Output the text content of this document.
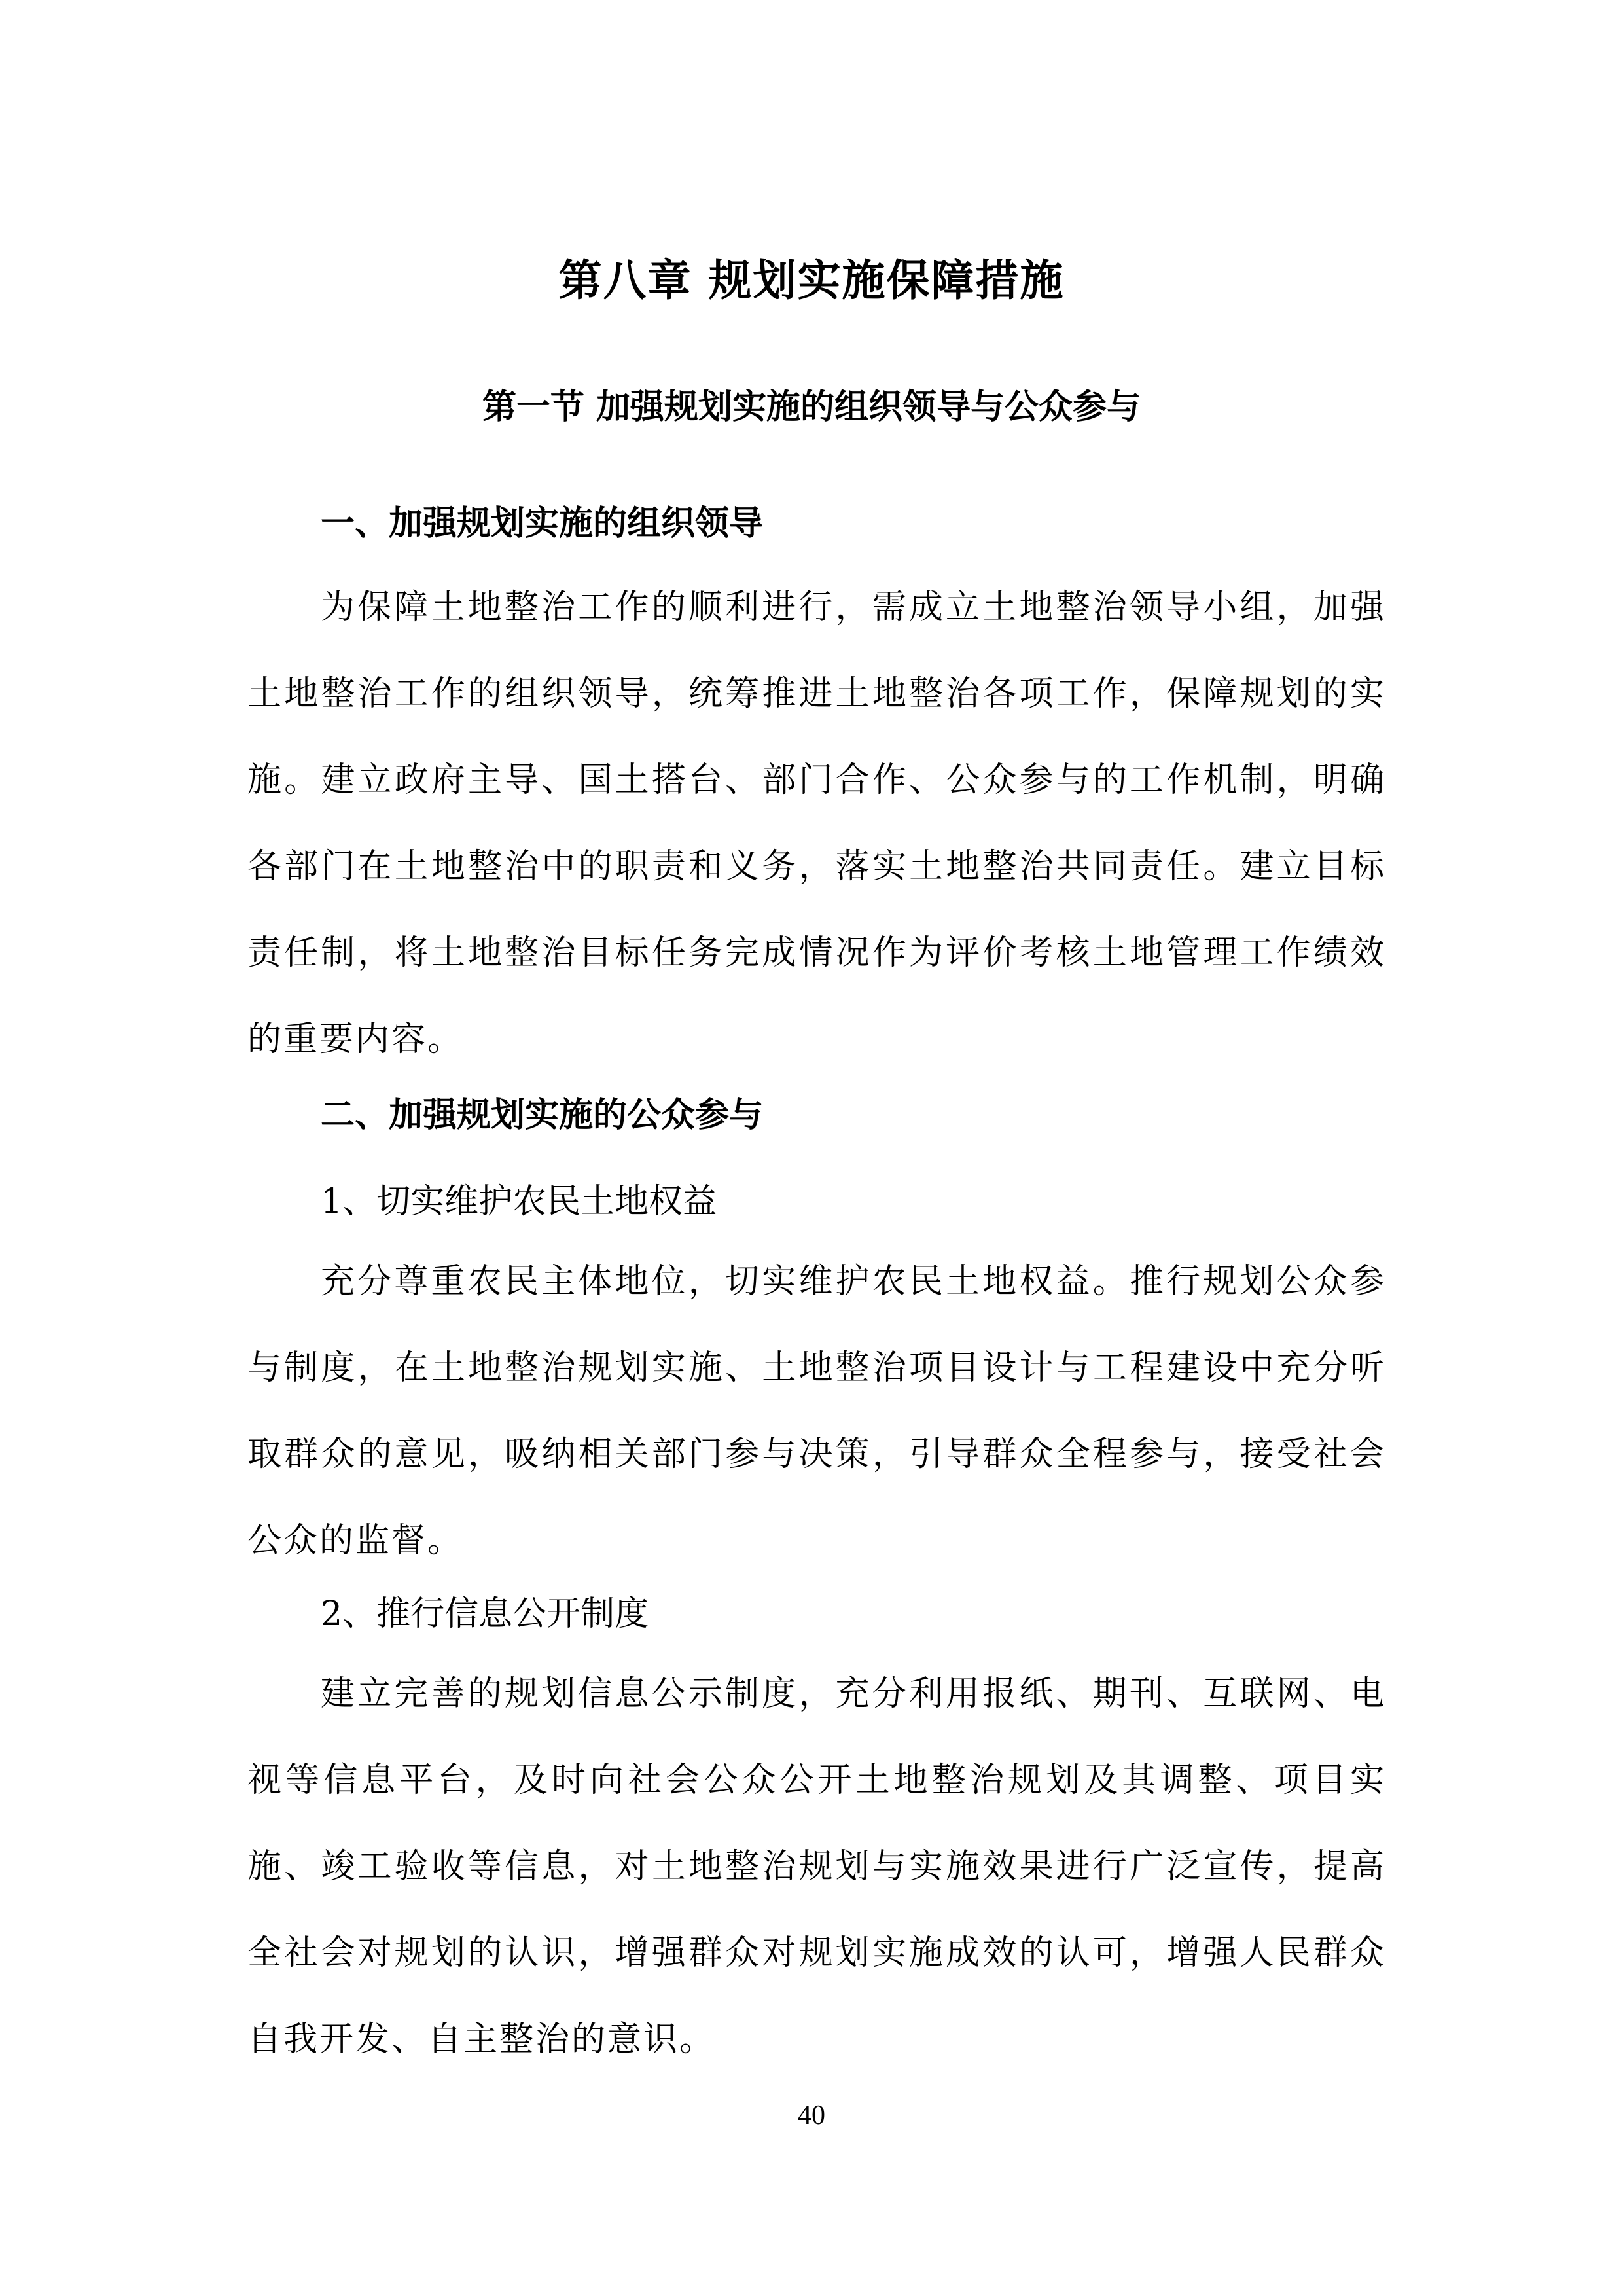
第八章 规划实施保障措施
第一节 加强规划实施的组织领导与公众参与
一、加强规划实施的组织领导

为保障土地整治工作的顺利进行，需成立土地整治领导小组，加强土地整治工作的组织领导，统筹推进土地整治各项工作，保障规划的实施。建立政府主导、国土搭台、部门合作、公众参与的工作机制，明确各部门在土地整治中的职责和义务，落实土地整治共同责任。建立目标责任制，将土地整治目标任务完成情况作为评价考核土地管理工作绩效的重要内容。

二、加强规划实施的公众参与
1、切实维护农民土地权益

充分尊重农民主体地位，切实维护农民土地权益。推行规划公众参与制度，在土地整治规划实施、土地整治项目设计与工程建设中充分听取群众的意见，吸纳相关部门参与决策，引导群众全程参与，接受社会公众的监督。

2、推行信息公开制度

建立完善的规划信息公示制度，充分利用报纸、期刊、互联网、电视等信息平台，及时向社会公众公开土地整治规划及其调整、项目实施、竣工验收等信息，对土地整治规划与实施效果进行广泛宣传，提高全社会对规划的认识，增强群众对规划实施成效的认可，增强人民群众自我开发、自主整治的意识。

40
